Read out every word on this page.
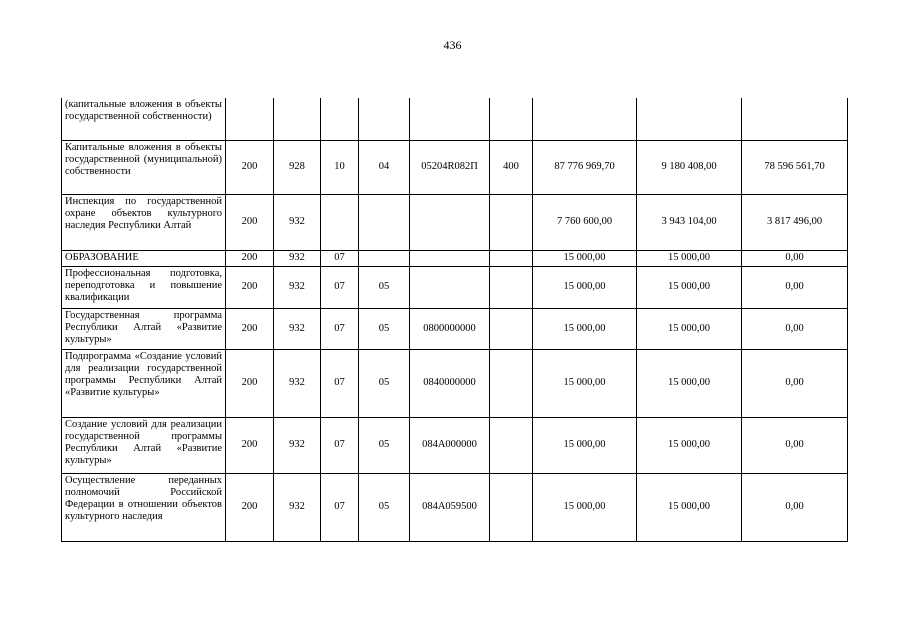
436
(капитальные вложения в объекты государственной собственности)									
Капитальные вложения в объекты государственной (муниципальной) собственности	200	928	10	04	05204R082П	400	87 776 969,70	9 180 408,00	78 596 561,70
Инспекция по государственной охране объектов культурного наследия Республики Алтай	200	932					7 760 600,00	3 943 104,00	3 817 496,00
ОБРАЗОВАНИЕ	200	932	07				15 000,00	15 000,00	0,00
Профессиональная подготовка, переподготовка и повышение квалификации	200	932	07	05			15 000,00	15 000,00	0,00
Государственная программа Республики Алтай «Развитие культуры»	200	932	07	05	0800000000		15 000,00	15 000,00	0,00
Подпрограмма «Создание условий для реализации государственной программы Республики Алтай «Развитие культуры»	200	932	07	05	0840000000		15 000,00	15 000,00	0,00
Создание условий для реализации государственной программы Республики Алтай «Развитие культуры»	200	932	07	05	084А000000		15 000,00	15 000,00	0,00
Осуществление переданных полномочий Российской Федерации в отношении объектов культурного наследия	200	932	07	05	084А059500		15 000,00	15 000,00	0,00
